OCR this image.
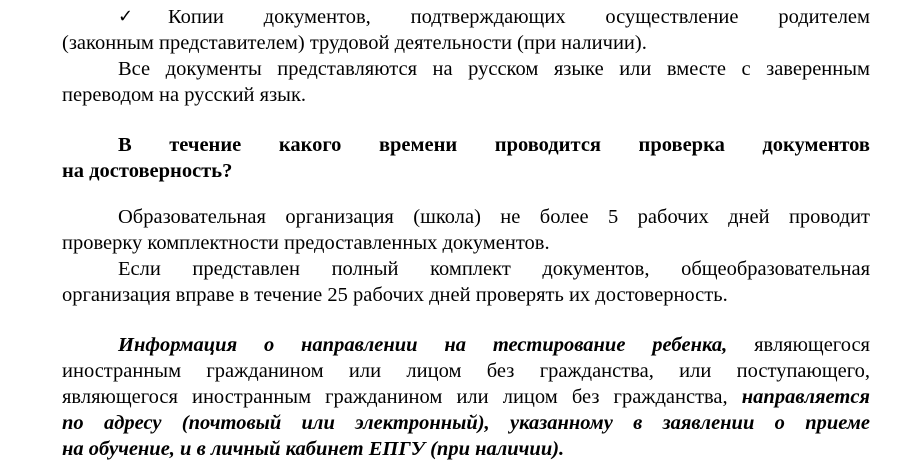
✓	Копии документов, подтверждающих осуществление родителем
(законным представителем) трудовой деятельности (при наличии).
Все документы представляются на русском языке или вместе с заверенным
переводом на русский язык.
В течение какого времени проводится проверка документов
на достоверность?
Образовательная организация (школа) не более 5 рабочих дней проводит
проверку комплектности предоставленных документов.
Если представлен полный комплект документов, общеобразовательная
организация вправе в течение 25 рабочих дней проверять их достоверность.
Информация о направлении на тестирование ребенка, являющегося
иностранным гражданином или лицом без гражданства, или поступающего,
являющегося иностранным гражданином или лицом без гражданства, направляется
по адресу (почтовый или электронный), указанному в заявлении о приеме
на обучение, и в личный кабинет ЕПГУ (при наличии).
